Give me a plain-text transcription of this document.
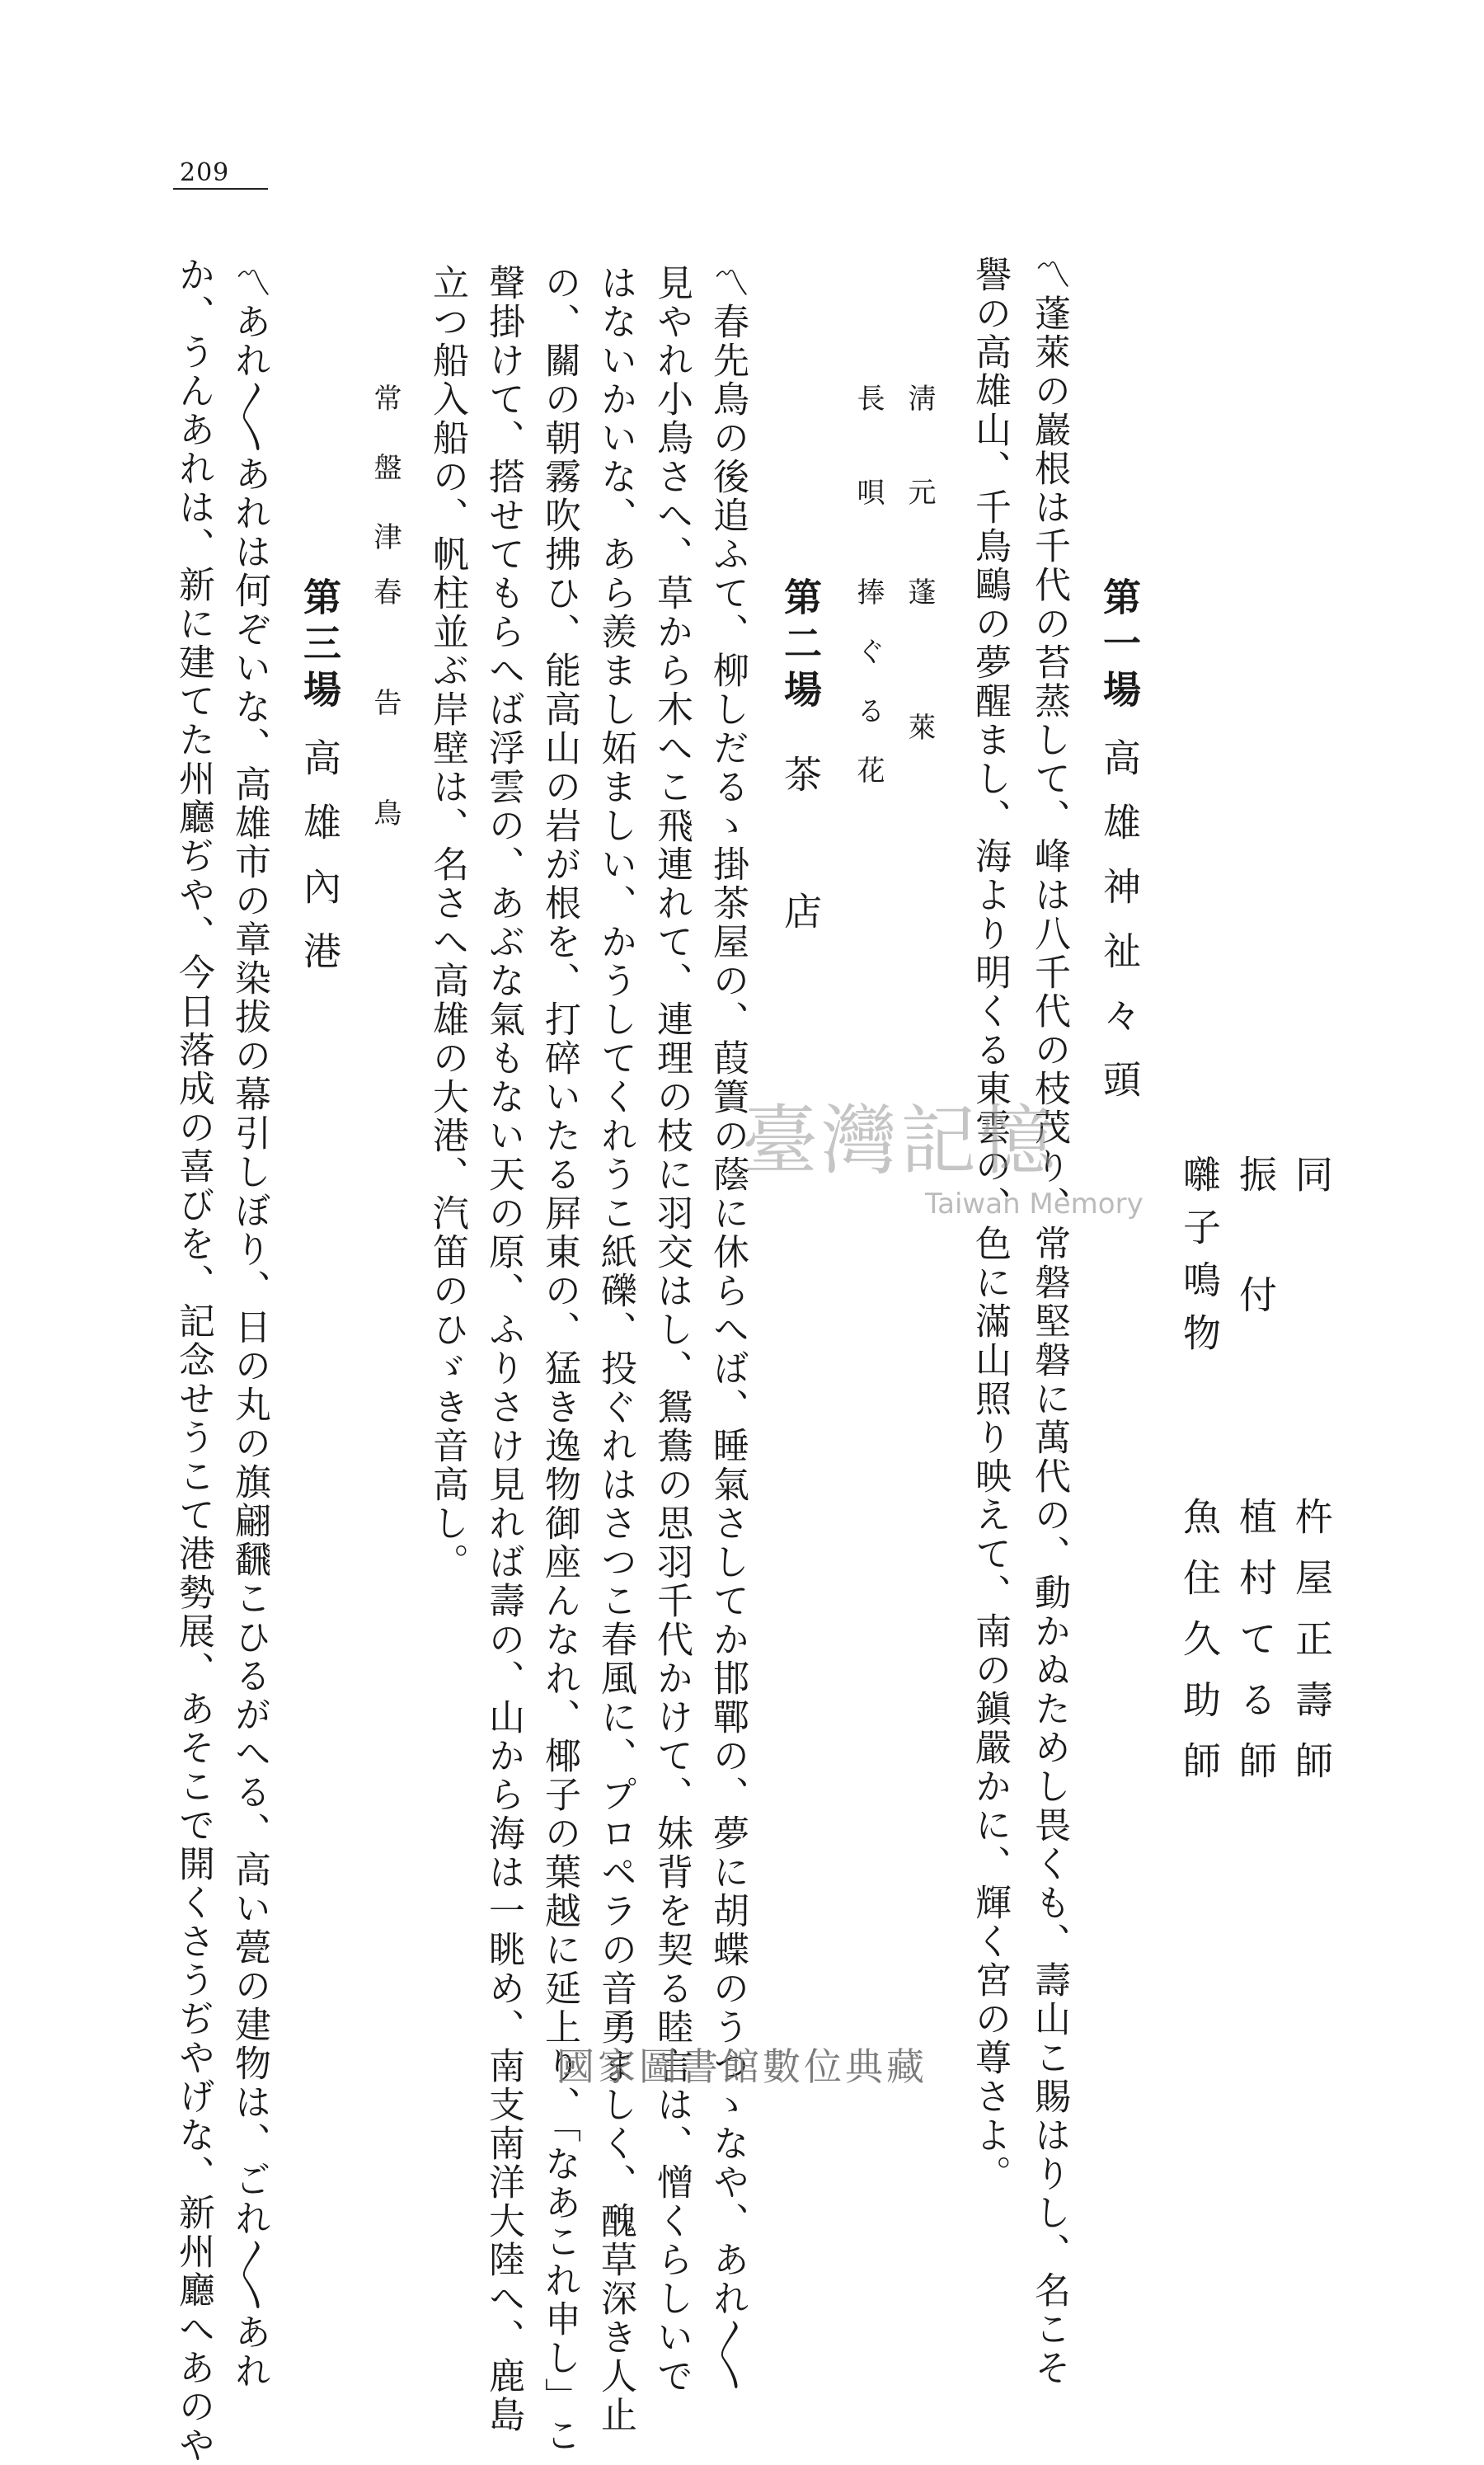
209
同
杵屋正壽師
振付
植村てる師
囃子鳴物
魚住久助師
第一場
高雄神祉々頭
〽蓬萊の巖根は千代の苔蒸して、峰は八千代の枝茂り、常磐堅磐に萬代の、動かぬためし畏くも、壽山こ賜はりし、名こそ
譽の高雄山、千鳥鷗の夢醒まし、海より明くる東雲の、色に滿山照り映えて、南の鎭嚴かに、輝く宮の尊さよ。
淸元
蓬萊
長唄
捧ぐる花
第二場
茶店
〽春先鳥の後追ふて、柳しだるゝ掛茶屋の、葭簀の蔭に休らへば、睡氣さしてか邯鄲の、夢に胡蝶のうつゝなや、あれ〳〵
見やれ小鳥さへ、草から木へこ飛連れて、連理の枝に羽交はし、鴛鴦の思羽千代かけて、妹背を契る睦言は、憎くらしいで
はないかいな、あら羨まし妬ましい、かうしてくれうこ紙礫、投ぐれはさつこ春風に、プロペラの音勇ましく、醜草深き人止
の、關の朝霧吹拂ひ、能高山の岩が根を、打碎いたる屛東の、猛き逸物御座んなれ、椰子の葉越に延上り、「なあこれ申し」こ
聲掛けて、搭せてもらへば浮雲の、あぶな氣もない天の原、ふりさけ見れば壽の、山から海は一眺め、南支南洋大陸へ、鹿島
立つ船入船の、帆柱並ぶ岸壁は、名さへ高雄の大港、汽笛のひゞき音高し。
常盤津
春告鳥
第三場
高雄內港
〽あれ〳〵あれは何ぞいな、高雄市の章染拔の幕引しぼり、日の丸の旗翩飜こひるがへる、高い甍の建物は、ごれ〳〵あれ
か、うんあれは、新に建てた州廳ぢや、今日落成の喜びを、記念せうこて港勢展、あそこで開くさうぢやげな、新州廳へあのや	臺灣記憶
Taiwan Memory
國家圖書館數位典藏
